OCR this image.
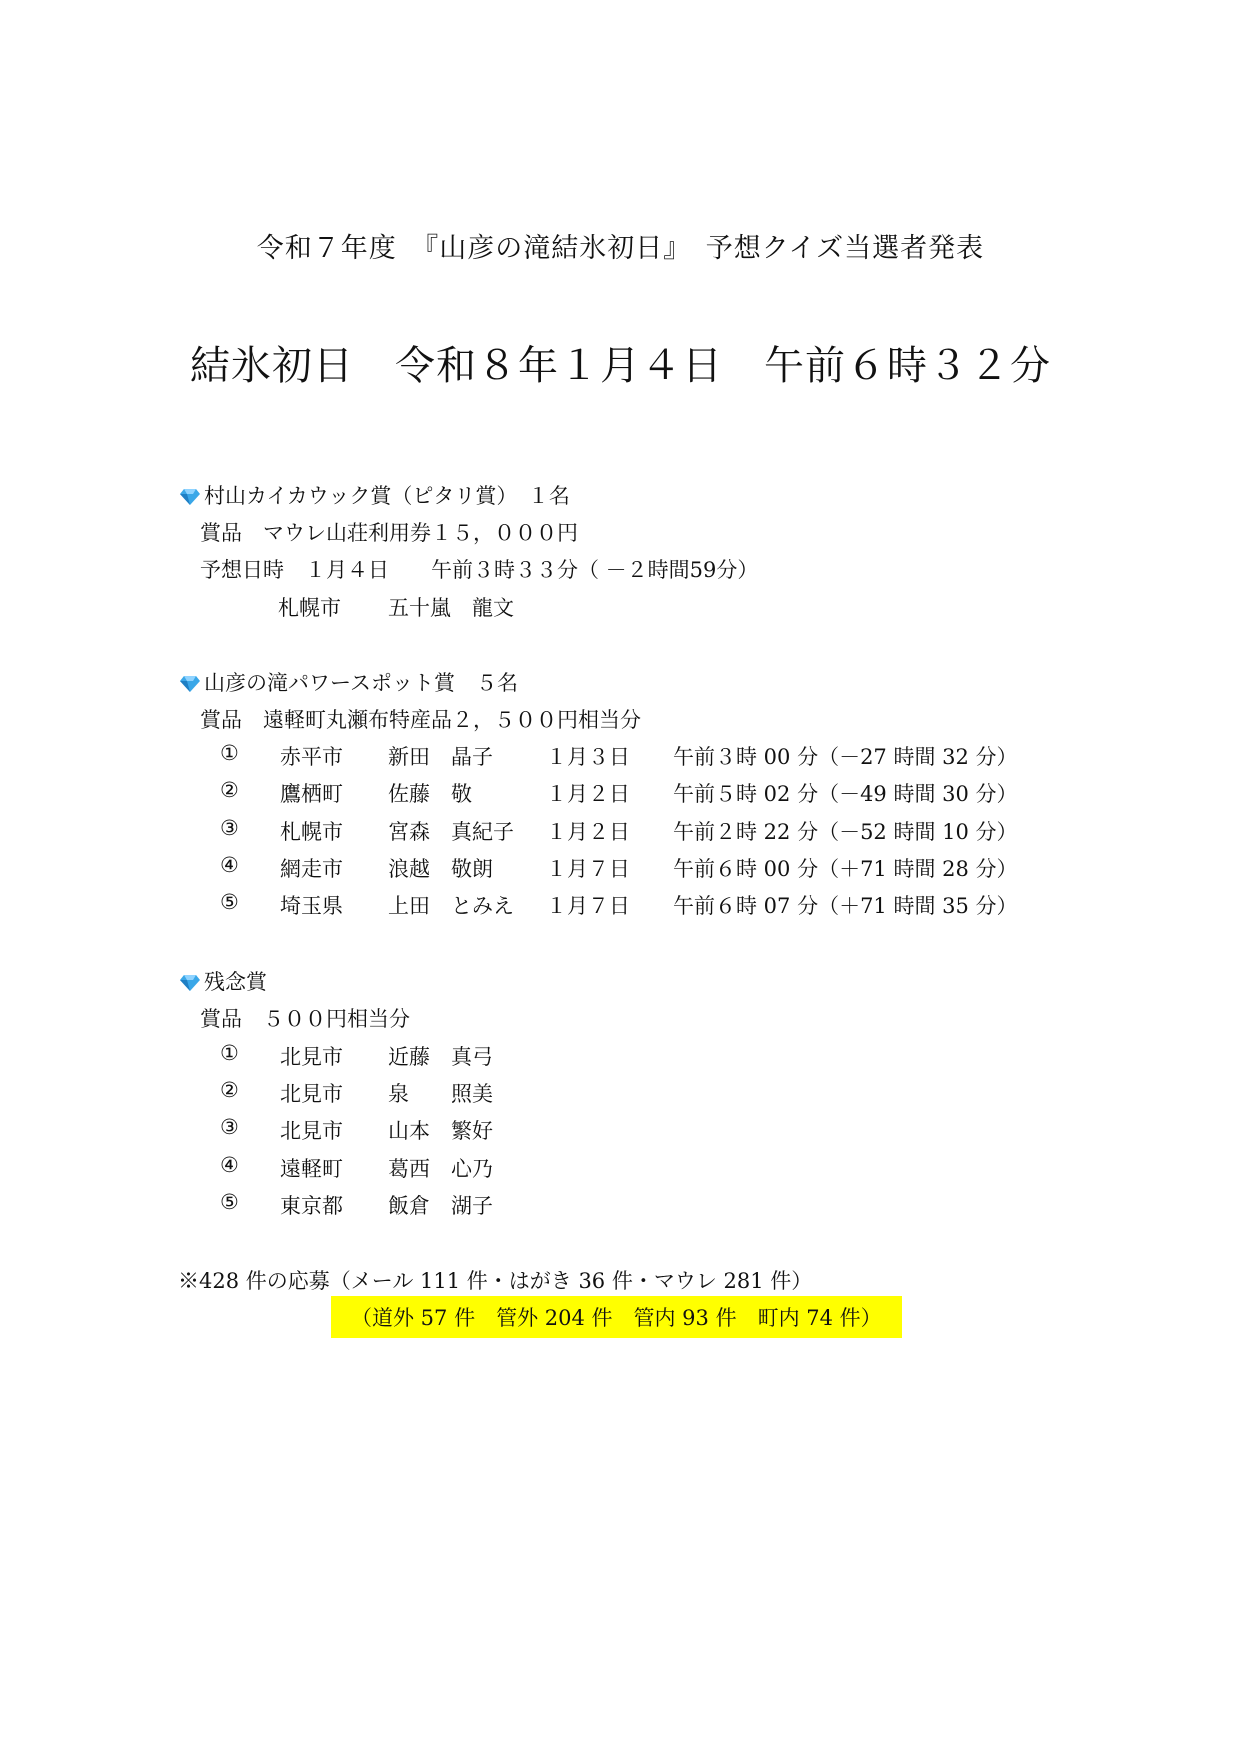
令和７年度　『山彦の滝結氷初日』　予想クイズ当選者発表
結氷初日　令和８年１月４日　午前６時３２分
村山カイカウック賞（ピタリ賞）　１名
賞品　マウレ山荘利用券１５，０００円
予想日時　１月４日　　午前３時３３分（ －２時間59分）
札幌市 五十嵐　龍文
山彦の滝パワースポット賞　５名
賞品　遠軽町丸瀬布特産品２，５００円相当分
① 赤平市 新田　晶子	１月３日 午前３時 00 分（－27 時間 32 分）
② 鷹栖町 佐藤　敬	１月２日 午前５時 02 分（－49 時間 30 分）
③ 札幌市 宮森　真紀子 １月２日 午前２時 22 分（－52 時間 10 分）
④ 網走市 浪越　敬朗	１月７日 午前６時 00 分（＋71 時間 28 分）
⑤ 埼玉県 上田　とみえ １月７日 午前６時 07 分（＋71 時間 35 分）
残念賞
賞品　５００円相当分
① 北見市 近藤　真弓
② 北見市 泉　　照美
③ 北見市 山本　繁好
④ 遠軽町 葛西　心乃
⑤ 東京都 飯倉　湖子
※428 件の応募（メール 111 件・はがき 36 件・マウレ 281 件）
（道外 57 件　管外 204 件　管内 93 件　町内 74 件）
